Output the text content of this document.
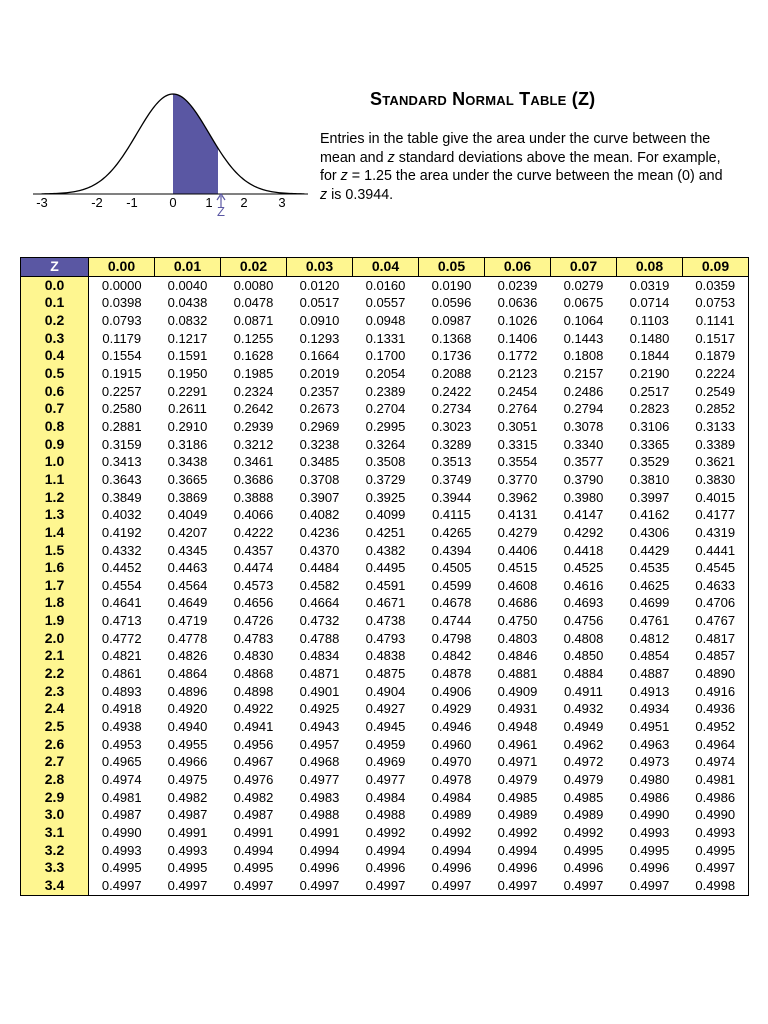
-3	-2 -1 0 1 2 3
Z
Standard Normal Table (Z)

Entries in the table give the area under the curve between the mean and z standard deviations above the mean. For example, for z = 1.25 the area under the curve between the mean (0) and z is 0.3944.

Z	0.00	0.01	0.02	0.03	0.04	0.05	0.06	0.07	0.08	0.09
0.0	0.0000	0.0040	0.0080	0.0120	0.0160	0.0190	0.0239	0.0279	0.0319	0.0359
0.1	0.0398	0.0438	0.0478	0.0517	0.0557	0.0596	0.0636	0.0675	0.0714	0.0753
0.2	0.0793	0.0832	0.0871	0.0910	0.0948	0.0987	0.1026	0.1064	0.1103	0.1141
0.3	0.1179	0.1217	0.1255	0.1293	0.1331	0.1368	0.1406	0.1443	0.1480	0.1517
0.4	0.1554	0.1591	0.1628	0.1664	0.1700	0.1736	0.1772	0.1808	0.1844	0.1879
0.5	0.1915	0.1950	0.1985	0.2019	0.2054	0.2088	0.2123	0.2157	0.2190	0.2224
0.6	0.2257	0.2291	0.2324	0.2357	0.2389	0.2422	0.2454	0.2486	0.2517	0.2549
0.7	0.2580	0.2611	0.2642	0.2673	0.2704	0.2734	0.2764	0.2794	0.2823	0.2852
0.8	0.2881	0.2910	0.2939	0.2969	0.2995	0.3023	0.3051	0.3078	0.3106	0.3133
0.9	0.3159	0.3186	0.3212	0.3238	0.3264	0.3289	0.3315	0.3340	0.3365	0.3389
1.0	0.3413	0.3438	0.3461	0.3485	0.3508	0.3513	0.3554	0.3577	0.3529	0.3621
1.1	0.3643	0.3665	0.3686	0.3708	0.3729	0.3749	0.3770	0.3790	0.3810	0.3830
1.2	0.3849	0.3869	0.3888	0.3907	0.3925	0.3944	0.3962	0.3980	0.3997	0.4015
1.3	0.4032	0.4049	0.4066	0.4082	0.4099	0.4115	0.4131	0.4147	0.4162	0.4177
1.4	0.4192	0.4207	0.4222	0.4236	0.4251	0.4265	0.4279	0.4292	0.4306	0.4319
1.5	0.4332	0.4345	0.4357	0.4370	0.4382	0.4394	0.4406	0.4418	0.4429	0.4441
1.6	0.4452	0.4463	0.4474	0.4484	0.4495	0.4505	0.4515	0.4525	0.4535	0.4545
1.7	0.4554	0.4564	0.4573	0.4582	0.4591	0.4599	0.4608	0.4616	0.4625	0.4633
1.8	0.4641	0.4649	0.4656	0.4664	0.4671	0.4678	0.4686	0.4693	0.4699	0.4706
1.9	0.4713	0.4719	0.4726	0.4732	0.4738	0.4744	0.4750	0.4756	0.4761	0.4767
2.0	0.4772	0.4778	0.4783	0.4788	0.4793	0.4798	0.4803	0.4808	0.4812	0.4817
2.1	0.4821	0.4826	0.4830	0.4834	0.4838	0.4842	0.4846	0.4850	0.4854	0.4857
2.2	0.4861	0.4864	0.4868	0.4871	0.4875	0.4878	0.4881	0.4884	0.4887	0.4890
2.3	0.4893	0.4896	0.4898	0.4901	0.4904	0.4906	0.4909	0.4911	0.4913	0.4916
2.4	0.4918	0.4920	0.4922	0.4925	0.4927	0.4929	0.4931	0.4932	0.4934	0.4936
2.5	0.4938	0.4940	0.4941	0.4943	0.4945	0.4946	0.4948	0.4949	0.4951	0.4952
2.6	0.4953	0.4955	0.4956	0.4957	0.4959	0.4960	0.4961	0.4962	0.4963	0.4964
2.7	0.4965	0.4966	0.4967	0.4968	0.4969	0.4970	0.4971	0.4972	0.4973	0.4974
2.8	0.4974	0.4975	0.4976	0.4977	0.4977	0.4978	0.4979	0.4979	0.4980	0.4981
2.9	0.4981	0.4982	0.4982	0.4983	0.4984	0.4984	0.4985	0.4985	0.4986	0.4986
3.0	0.4987	0.4987	0.4987	0.4988	0.4988	0.4989	0.4989	0.4989	0.4990	0.4990
3.1	0.4990	0.4991	0.4991	0.4991	0.4992	0.4992	0.4992	0.4992	0.4993	0.4993
3.2	0.4993	0.4993	0.4994	0.4994	0.4994	0.4994	0.4994	0.4995	0.4995	0.4995
3.3	0.4995	0.4995	0.4995	0.4996	0.4996	0.4996	0.4996	0.4996	0.4996	0.4997
3.4	0.4997	0.4997	0.4997	0.4997	0.4997	0.4997	0.4997	0.4997	0.4997	0.4998
